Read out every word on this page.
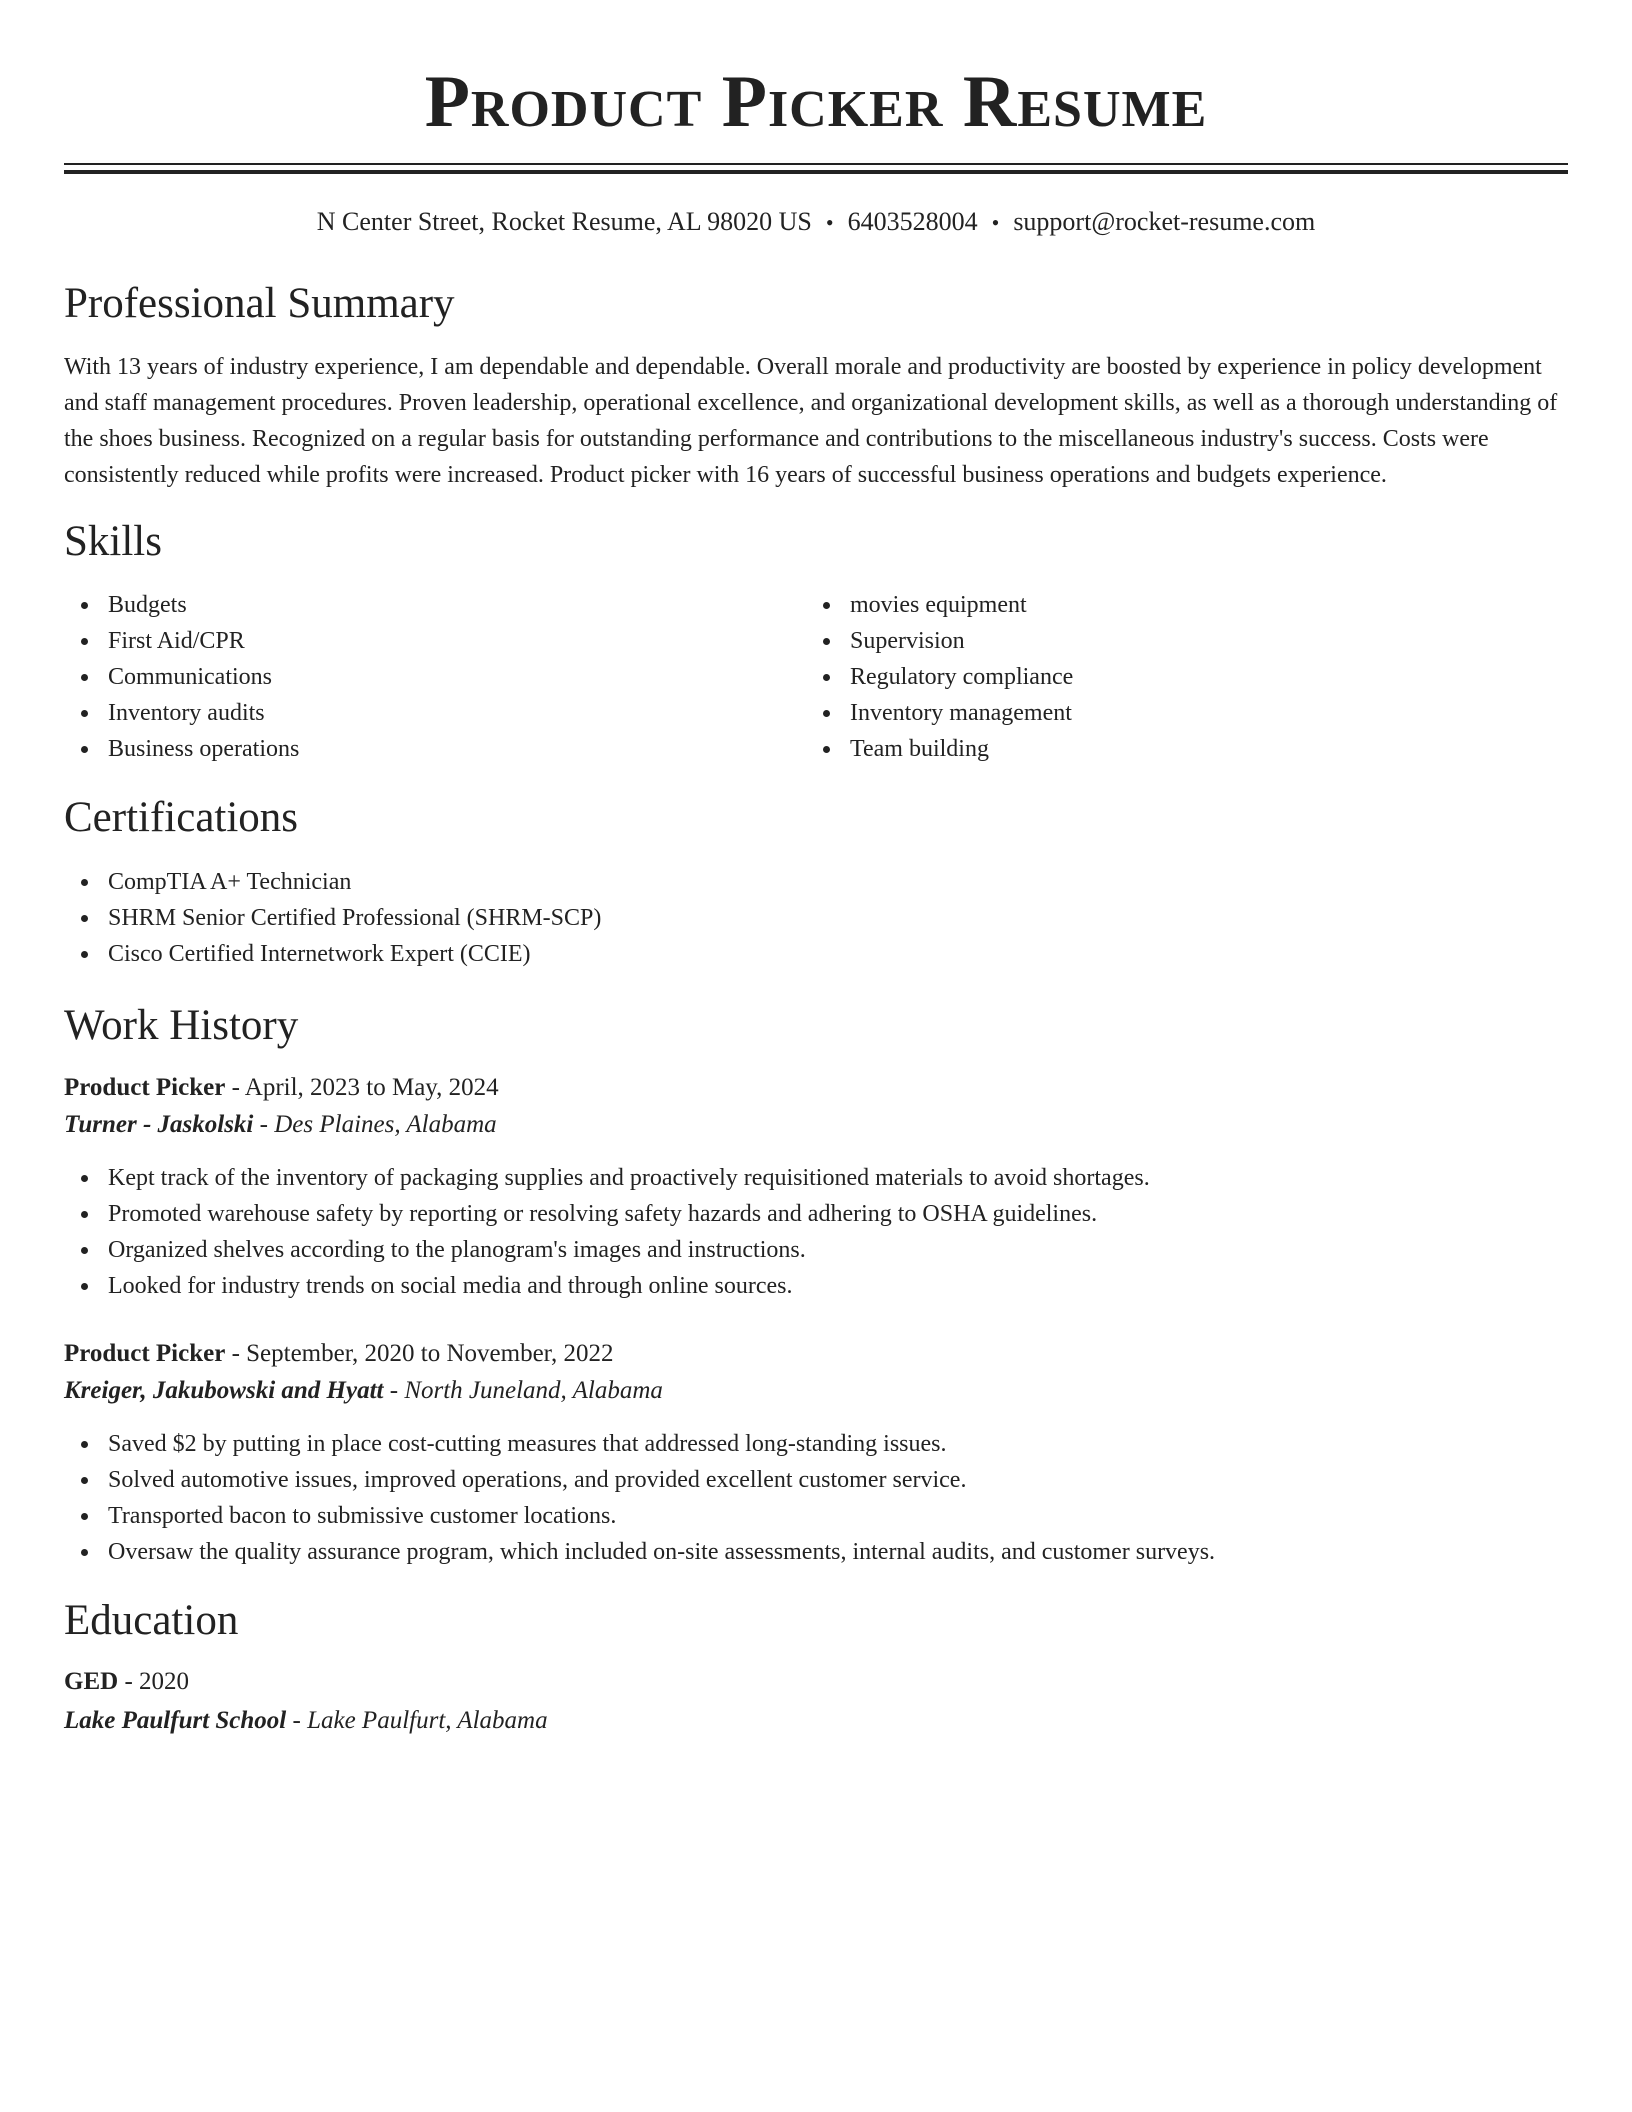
Product Picker Resume
N Center Street, Rocket Resume, AL 98020 US • 6403528004 • support@rocket-resume.com
Professional Summary

With 13 years of industry experience, I am dependable and dependable. Overall morale and productivity are boosted by experience in policy development and staff management procedures. Proven leadership, operational excellence, and organizational development skills, as well as a thorough understanding of the shoes business. Recognized on a regular basis for outstanding performance and contributions to the miscellaneous industry's success. Costs were consistently reduced while profits were increased. Product picker with 16 years of successful business operations and budgets experience.

Skills
Budgets
First Aid/CPR
Communications
Inventory audits
Business operations
movies equipment
Supervision
Regulatory compliance
Inventory management
Team building
Certifications
CompTIA A+ Technician
SHRM Senior Certified Professional (SHRM-SCP)
Cisco Certified Internetwork Expert (CCIE)
Work History
Product Picker - April, 2023 to May, 2024
Turner - Jaskolski - Des Plaines, Alabama
Kept track of the inventory of packaging supplies and proactively requisitioned materials to avoid shortages.
Promoted warehouse safety by reporting or resolving safety hazards and adhering to OSHA guidelines.
Organized shelves according to the planogram's images and instructions.
Looked for industry trends on social media and through online sources.
Product Picker - September, 2020 to November, 2022
Kreiger, Jakubowski and Hyatt - North Juneland, Alabama
Saved $2 by putting in place cost-cutting measures that addressed long-standing issues.
Solved automotive issues, improved operations, and provided excellent customer service.
Transported bacon to submissive customer locations.
Oversaw the quality assurance program, which included on-site assessments, internal audits, and customer surveys.
Education
GED - 2020
Lake Paulfurt School - Lake Paulfurt, Alabama
